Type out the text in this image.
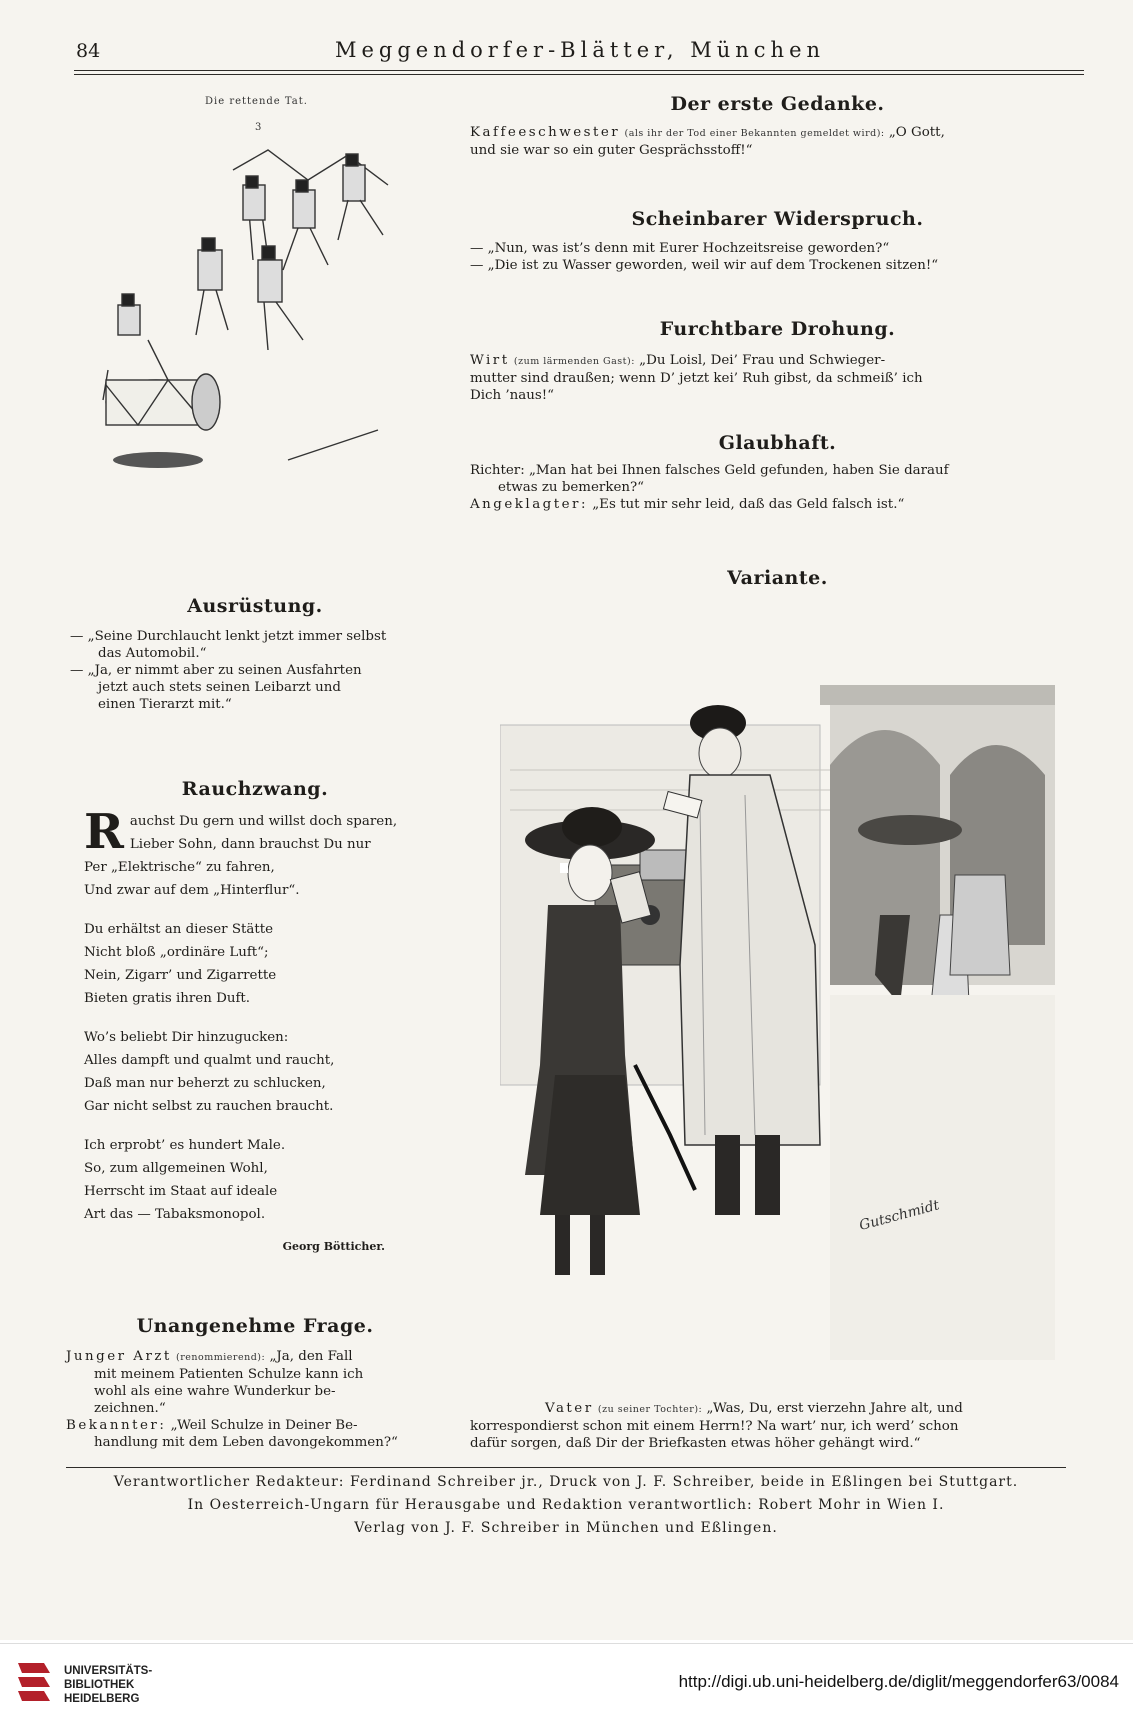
84	Meggendorfer-Blätter, München
Die rettende Tat.
3
Ausrüstung.
— „Seine Durchlaucht lenkt jetzt immer selbst
das Automobil.“
— „Ja, er nimmt aber zu seinen Ausfahrten
jetzt auch stets seinen Leibarzt und
einen Tierarzt mit.“
Rauchzwang.
R auchst Du gern und willst doch sparen,
Lieber Sohn, dann brauchst Du nur
Per „Elektrische“ zu fahren,
Und zwar auf dem „Hinterflur“.
Du erhältst an dieser Stätte
Nicht bloß „ordinäre Luft“;
Nein, Zigarr’ und Zigarrette
Bieten gratis ihren Duft.
Wo’s beliebt Dir hinzugucken:
Alles dampft und qualmt und raucht,
Daß man nur beherzt zu schlucken,
Gar nicht selbst zu rauchen braucht.
Ich erprobt’ es hundert Male.
So, zum allgemeinen Wohl,
Herrscht im Staat auf ideale
Art das — Tabaksmonopol.
Georg Bötticher.
Unangenehme Frage.
Junger Arzt (renommierend): „Ja, den Fall
mit meinem Patienten Schulze kann ich
wohl als eine wahre Wunderkur be-
zeichnen.“
Bekannter: „Weil Schulze in Deiner Be-
handlung mit dem Leben davongekommen?“
Der erste Gedanke.
Kaffeeschwester (als ihr der Tod einer Bekannten gemeldet wird): „O Gott,
und sie war so ein guter Gesprächsstoff!“
Scheinbarer Widerspruch.
— „Nun, was ist’s denn mit Eurer Hochzeitsreise geworden?“
— „Die ist zu Wasser geworden, weil wir auf dem Trockenen sitzen!“
Furchtbare Drohung.
Wirt (zum lärmenden Gast): „Du Loisl, Dei’ Frau und Schwieger-
mutter sind draußen; wenn D’ jetzt kei’ Ruh gibst, da schmeiß’ ich
Dich ’naus!“
Glaubhaft.
Richter: „Man hat bei Ihnen falsches Geld gefunden, haben Sie darauf
etwas zu bemerken?“
Angeklagter: „Es tut mir sehr leid, daß das Geld falsch ist.“
Variante.
Gutschmidt
Vater (zu seiner Tochter): „Was, Du, erst vierzehn Jahre alt, und
korrespondierst schon mit einem Herrn!? Na wart’ nur, ich werd’ schon
dafür sorgen, daß Dir der Briefkasten etwas höher gehängt wird.“
Verantwortlicher Redakteur: Ferdinand Schreiber jr., Druck von J. F. Schreiber, beide in Eßlingen bei Stuttgart.
In Oesterreich-Ungarn für Herausgabe und Redaktion verantwortlich: Robert Mohr in Wien I.
Verlag von J. F. Schreiber in München und Eßlingen.
UNIVERSITÄTS-
BIBLIOTHEK
HEIDELBERG
http://digi.ub.uni-heidelberg.de/diglit/meggendorfer63/0084
